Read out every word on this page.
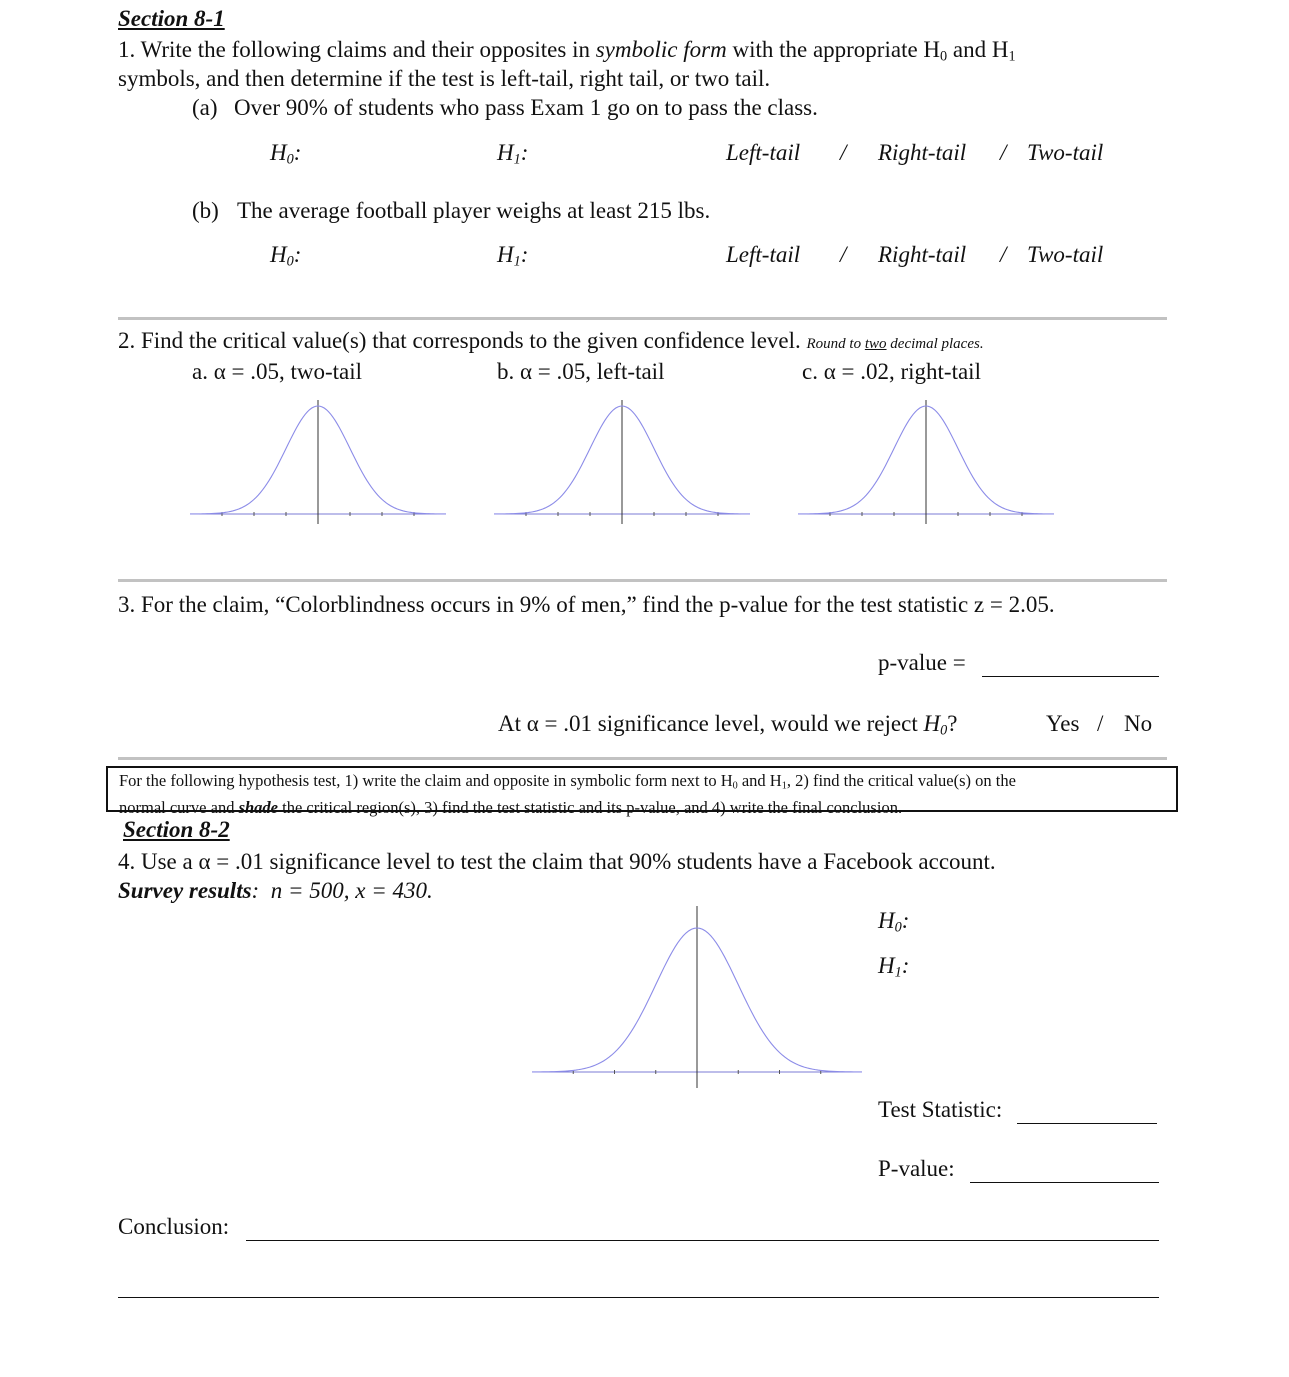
Section 8-1
1. Write the following claims and their opposites in symbolic form with the appropriate $H_0$ and $H_1$
symbols, and then determine if the test is left-tail, right tail, or two tail.
(a) Over 90% of students who pass Exam 1 go on to pass the class.
$H_0$:	$H_1$:	Left-tail / Right-tail / Two-tail
(b) The average football player weighs at least 215 lbs.
$H_0$:	$H_1$:	Left-tail / Right-tail / Two-tail
2. Find the critical value(s) that corresponds to the given confidence level. Round to two decimal places.
a. α = .05, two-tail	b. α = .05, left-tail	c. α = .02, right-tail
3. For the claim, “Colorblindness occurs in 9% of men,” find the p-value for the test statistic z = 2.05.
p-value =
At α = .01 significance level, would we reject $H_0$?	Yes / No
For the following hypothesis test, 1) write the claim and opposite in symbolic form next to $H_0$ and $H_1$, 2) find the critical value(s) on the
normal curve and shade the critical region(s), 3) find the test statistic and its p-value, and 4) write the final conclusion.
Section 8-2
4. Use a α = .01 significance level to test the claim that 90% students have a Facebook account.
Survey results:  n = 500, x = 430.
$H_0$:
$H_1$:
Test Statistic:
P-value:
Conclusion:
